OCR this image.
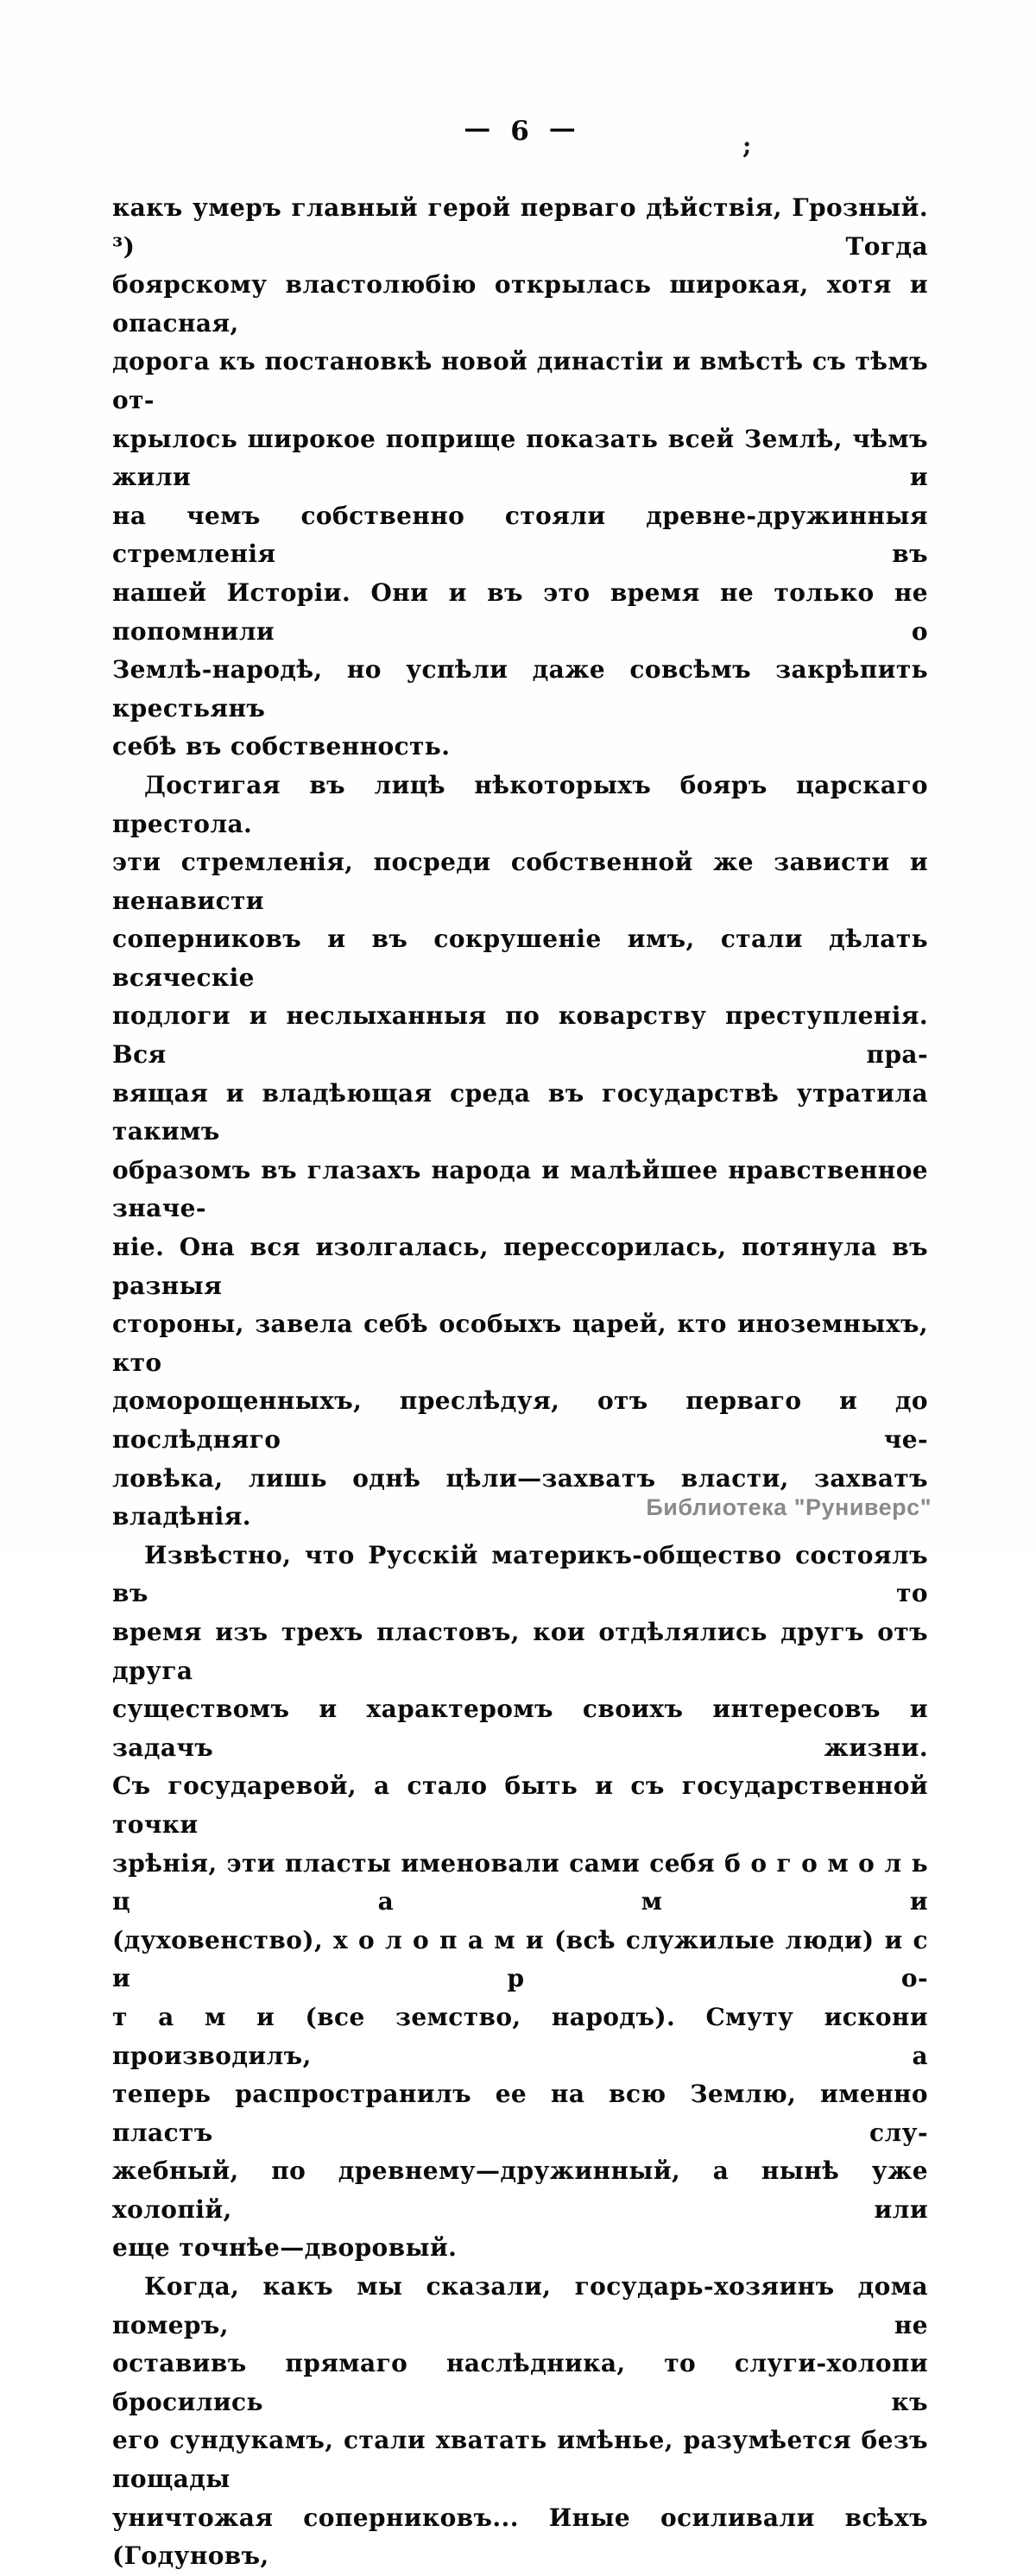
— 6 —
;
какъ умеръ главный герой перваго дѣйствія, Грозный. ³) Тогда
боярскому властолюбію открылась широкая, хотя и опасная,
дорога къ постановкѣ новой династіи и вмѣстѣ съ тѣмъ от-
крылось широкое поприще показать всей Землѣ, чѣмъ жили и
на чемъ собственно стояли древне-дружинныя стремленія въ
нашей Исторіи. Они и въ это время не только не попомнили о
Землѣ-народѣ, но успѣли даже совсѣмъ закрѣпить крестьянъ
себѣ въ собственность.
Достигая въ лицѣ нѣкоторыхъ бояръ царскаго престола.
эти стремленія, посреди собственной же зависти и ненависти
соперниковъ и въ сокрушеніе имъ, стали дѣлать всяческіе
подлоги и неслыханныя по коварству преступленія. Вся пра-
вящая и владѣющая среда въ государствѣ утратила такимъ
образомъ въ глазахъ народа и малѣйшее нравственное значе-
ніе. Она вся изолгалась, перессорилась, потянула въ разныя
стороны, завела себѣ особыхъ царей, кто иноземныхъ, кто
доморощенныхъ, преслѣдуя, отъ перваго и до послѣдняго че-
ловѣка, лишь однѣ цѣли—захватъ власти, захватъ владѣнія.
Извѣстно, что Русскій материкъ-общество состоялъ въ то
время изъ трехъ пластовъ, кои отдѣлялись другъ отъ друга
существомъ и характеромъ своихъ интересовъ и задачъ жизни.
Съ государевой, а стало быть и съ государственной точки
зрѣнія, эти пласты именовали сами себя б о г о м о л ь ц а м и
(духовенство), х о л о п а м и (всѣ служилые люди) и с и р о-
т а м и (все земство, народъ). Смуту искони производилъ, а
теперь распространилъ ее на всю Землю, именно пластъ слу-
жебный, по древнему—дружинный, а нынѣ уже холопій, или
еще точнѣе—дворовый.
Когда, какъ мы сказали, государь-хозяинъ дома померъ, не
оставивъ прямаго наслѣдника, то слуги-холопи бросились къ
его сундукамъ, стали хватать имѣнье, разумѣется безъ пощады
уничтожая соперниковъ... Иные осиливали всѣхъ (Годуновъ,
Библиотека "Руниверс"
